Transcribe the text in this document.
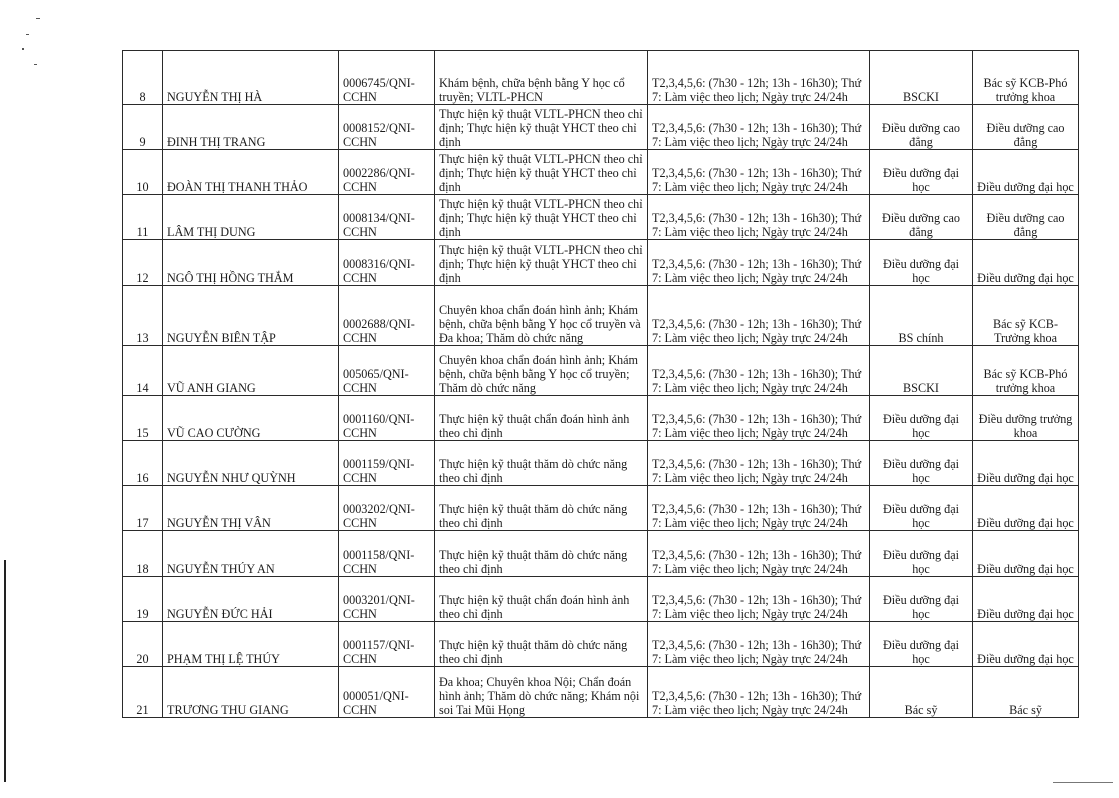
8	NGUYỄN THỊ HÀ	0006745/QNI-CCHN	Khám bệnh, chữa bệnh bằng Y học cổ truyền; VLTL-PHCN	T2,3,4,5,6: (7h30 - 12h; 13h - 16h30); Thứ 7: Làm việc theo lịch; Ngày trực 24/24h	BSCKI	Bác sỹ KCB-Phó trưởng khoa
9	ĐINH THỊ TRANG	0008152/QNI-CCHN	Thực hiện kỹ thuật VLTL-PHCN theo chỉ định; Thực hiện kỹ thuật YHCT theo chỉ định	T2,3,4,5,6: (7h30 - 12h; 13h - 16h30); Thứ 7: Làm việc theo lịch; Ngày trực 24/24h	Điều dưỡng cao đẳng	Điều dưỡng cao đẳng
10	ĐOÀN THỊ THANH THẢO	0002286/QNI-CCHN	Thực hiện kỹ thuật VLTL-PHCN theo chỉ định; Thực hiện kỹ thuật YHCT theo chỉ định	T2,3,4,5,6: (7h30 - 12h; 13h - 16h30); Thứ 7: Làm việc theo lịch; Ngày trực 24/24h	Điều dưỡng đại học	Điều dưỡng đại học
11	LÂM THỊ DUNG	0008134/QNI-CCHN	Thực hiện kỹ thuật VLTL-PHCN theo chỉ định; Thực hiện kỹ thuật YHCT theo chỉ định	T2,3,4,5,6: (7h30 - 12h; 13h - 16h30); Thứ 7: Làm việc theo lịch; Ngày trực 24/24h	Điều dưỡng cao đẳng	Điều dưỡng cao đẳng
12	NGÔ THỊ HỒNG THẮM	0008316/QNI-CCHN	Thực hiện kỹ thuật VLTL-PHCN theo chỉ định; Thực hiện kỹ thuật YHCT theo chỉ định	T2,3,4,5,6: (7h30 - 12h; 13h - 16h30); Thứ 7: Làm việc theo lịch; Ngày trực 24/24h	Điều dưỡng đại học	Điều dưỡng đại học
13	NGUYỄN BIÊN TẬP	0002688/QNI-CCHN	Chuyên khoa chẩn đoán hình ảnh; Khám bệnh, chữa bệnh bằng Y học cổ truyền và Đa khoa; Thăm dò chức năng	T2,3,4,5,6: (7h30 - 12h; 13h - 16h30); Thứ 7: Làm việc theo lịch; Ngày trực 24/24h	BS chính	Bác sỹ KCB-Trưởng khoa
14	VŨ ANH GIANG	005065/QNI-CCHN	Chuyên khoa chẩn đoán hình ảnh; Khám bệnh, chữa bệnh bằng Y học cổ truyền; Thăm dò chức năng	T2,3,4,5,6: (7h30 - 12h; 13h - 16h30); Thứ 7: Làm việc theo lịch; Ngày trực 24/24h	BSCKI	Bác sỹ KCB-Phó trưởng khoa
15	VŨ CAO CƯỜNG	0001160/QNI-CCHN	Thực hiện kỹ thuật chẩn đoán hình ảnh theo chỉ định	T2,3,4,5,6: (7h30 - 12h; 13h - 16h30); Thứ 7: Làm việc theo lịch; Ngày trực 24/24h	Điều dưỡng đại học	Điều dưỡng trưởng khoa
16	NGUYỄN NHƯ QUỲNH	0001159/QNI-CCHN	Thực hiện kỹ thuật thăm dò chức năng theo chỉ định	T2,3,4,5,6: (7h30 - 12h; 13h - 16h30); Thứ 7: Làm việc theo lịch; Ngày trực 24/24h	Điều dưỡng đại học	Điều dưỡng đại học
17	NGUYỄN THỊ VÂN	0003202/QNI-CCHN	Thực hiện kỹ thuật thăm dò chức năng theo chỉ định	T2,3,4,5,6: (7h30 - 12h; 13h - 16h30); Thứ 7: Làm việc theo lịch; Ngày trực 24/24h	Điều dưỡng đại học	Điều dưỡng đại học
18	NGUYỄN THÚY AN	0001158/QNI-CCHN	Thực hiện kỹ thuật thăm dò chức năng theo chỉ định	T2,3,4,5,6: (7h30 - 12h; 13h - 16h30); Thứ 7: Làm việc theo lịch; Ngày trực 24/24h	Điều dưỡng đại học	Điều dưỡng đại học
19	NGUYỄN ĐỨC HẢI	0003201/QNI-CCHN	Thực hiện kỹ thuật chẩn đoán hình ảnh theo chỉ định	T2,3,4,5,6: (7h30 - 12h; 13h - 16h30); Thứ 7: Làm việc theo lịch; Ngày trực 24/24h	Điều dưỡng đại học	Điều dưỡng đại học
20	PHẠM THỊ LỆ THÚY	0001157/QNI-CCHN	Thực hiện kỹ thuật thăm dò chức năng theo chỉ định	T2,3,4,5,6: (7h30 - 12h; 13h - 16h30); Thứ 7: Làm việc theo lịch; Ngày trực 24/24h	Điều dưỡng đại học	Điều dưỡng đại học
21	TRƯƠNG THU GIANG	000051/QNI-CCHN	Đa khoa; Chuyên khoa Nội; Chẩn đoán hình ảnh; Thăm dò chức năng; Khám nội soi Tai Mũi Họng	T2,3,4,5,6: (7h30 - 12h; 13h - 16h30); Thứ 7: Làm việc theo lịch; Ngày trực 24/24h	Bác sỹ	Bác sỹ
